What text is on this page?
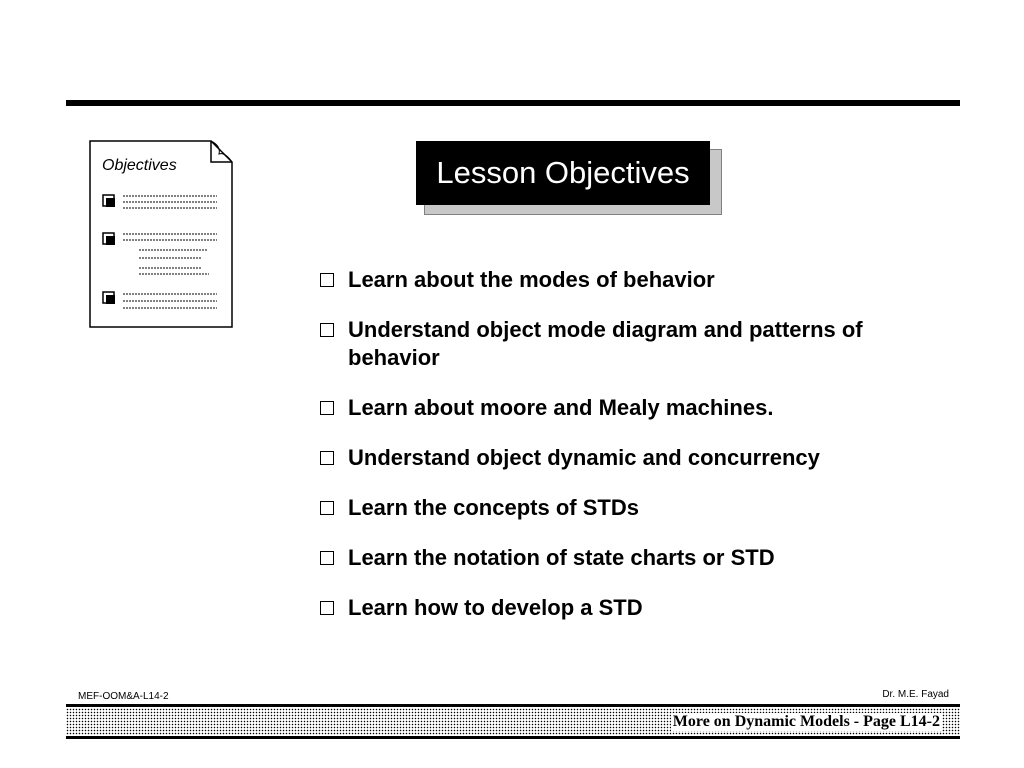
Objectives	Lesson Objectives
Learn about the modes of behavior
Understand object mode diagram and patterns of behavior
Learn about moore and Mealy machines.
Understand object dynamic and concurrency
Learn the concepts of STDs
Learn the notation of state charts or STD
Learn how to develop a STD
MEF-OOM&A-L14-2	Dr. M.E. Fayad
More on Dynamic Models - Page L14-2
